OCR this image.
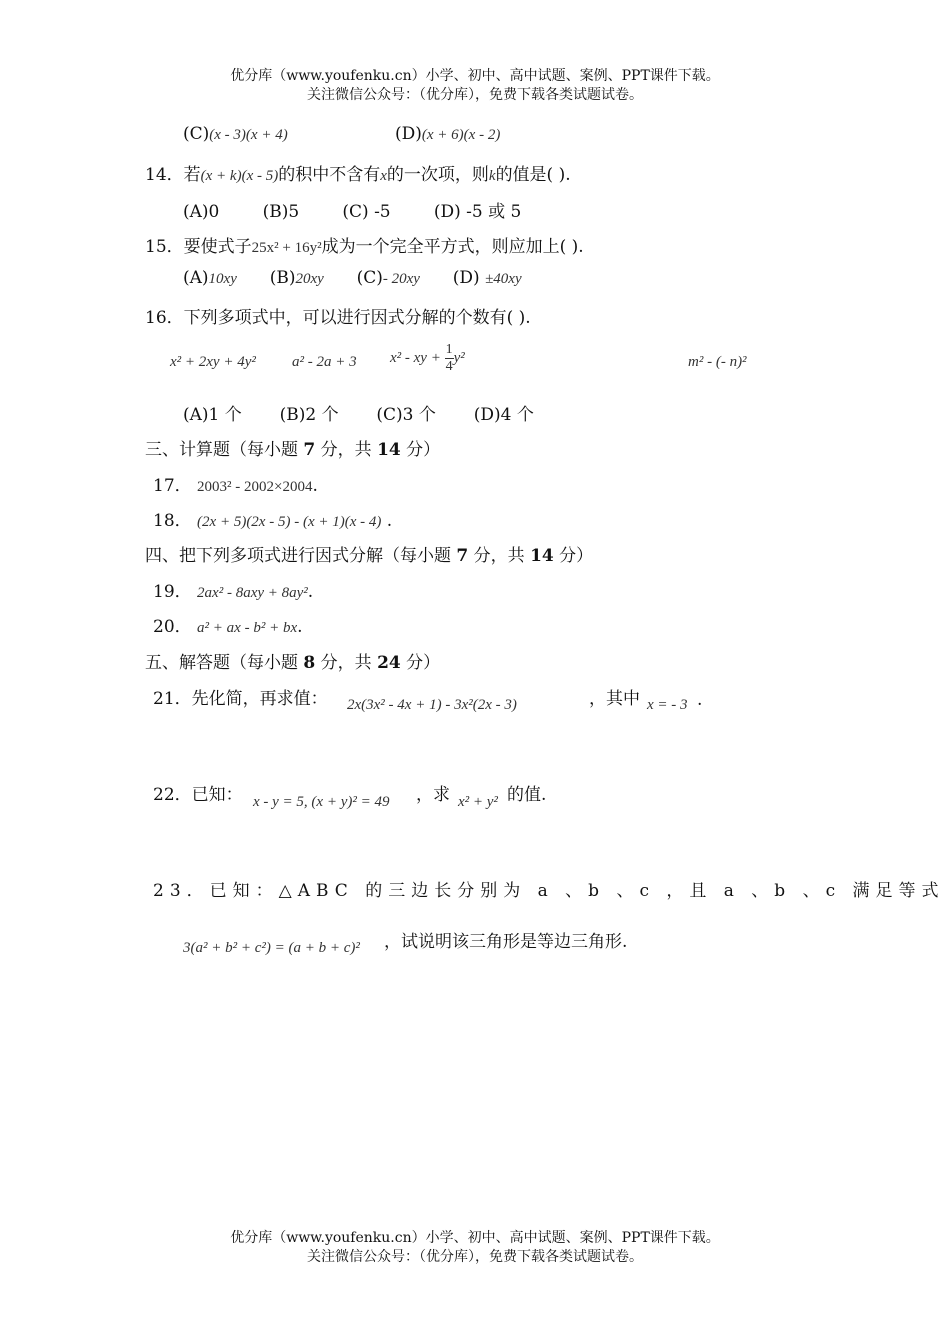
优分库（www.youfenku.cn）小学、初中、高中试题、案例、PPT课件下载。
关注微信公众号：（优分库），免费下载各类试题试卷。
(C)(x - 3)(x + 4)	(D)(x + 6)(x - 2)
14．若(x + k)(x - 5)的积中不含有x的一次项，则k的值是( ).
(A)0        (B)5        (C) -5        (D) -5 或 5
15．要使式子25x² + 16y²成为一个完全平方式，则应加上( ).
(A)10xy (B)20xy (C)- 20xy (D) ±40xy
16．下列多项式中，可以进行因式分解的个数有( ).
x² + 2xy + 4y² a² - 2a + 3 x² - xy + $\frac{1}{4} y^2$	m² - (- n)²
(A)1 个       (B)2 个       (C)3 个       (D)4 个
三、计算题（每小题 7 分，共 14 分）
17． 2003² - 2002×2004.
18． (2x + 5)(2x - 5) - (x + 1)(x - 4) .
四、把下列多项式进行因式分解（每小题 7 分，共 14 分）
19． 2ax² - 8axy + 8ay².
20． a² + ax - b² + bx.
五、解答题（每小题 8 分，共 24 分）
21．先化简，再求值： 2x(3x² - 4x + 1) - 3x²(2x - 3)	，其中 x = - 3 .
22．已知： x - y = 5, (x + y)² = 49 ，求 x² + y² 的值.
23．已知：△ABC 的三边长分别为 a 、b 、c ，且 a 、b 、c 满足等式
3(a² + b² + c²) = (a + b + c)² ，试说明该三角形是等边三角形.
优分库（www.youfenku.cn）小学、初中、高中试题、案例、PPT课件下载。
关注微信公众号：（优分库），免费下载各类试题试卷。
